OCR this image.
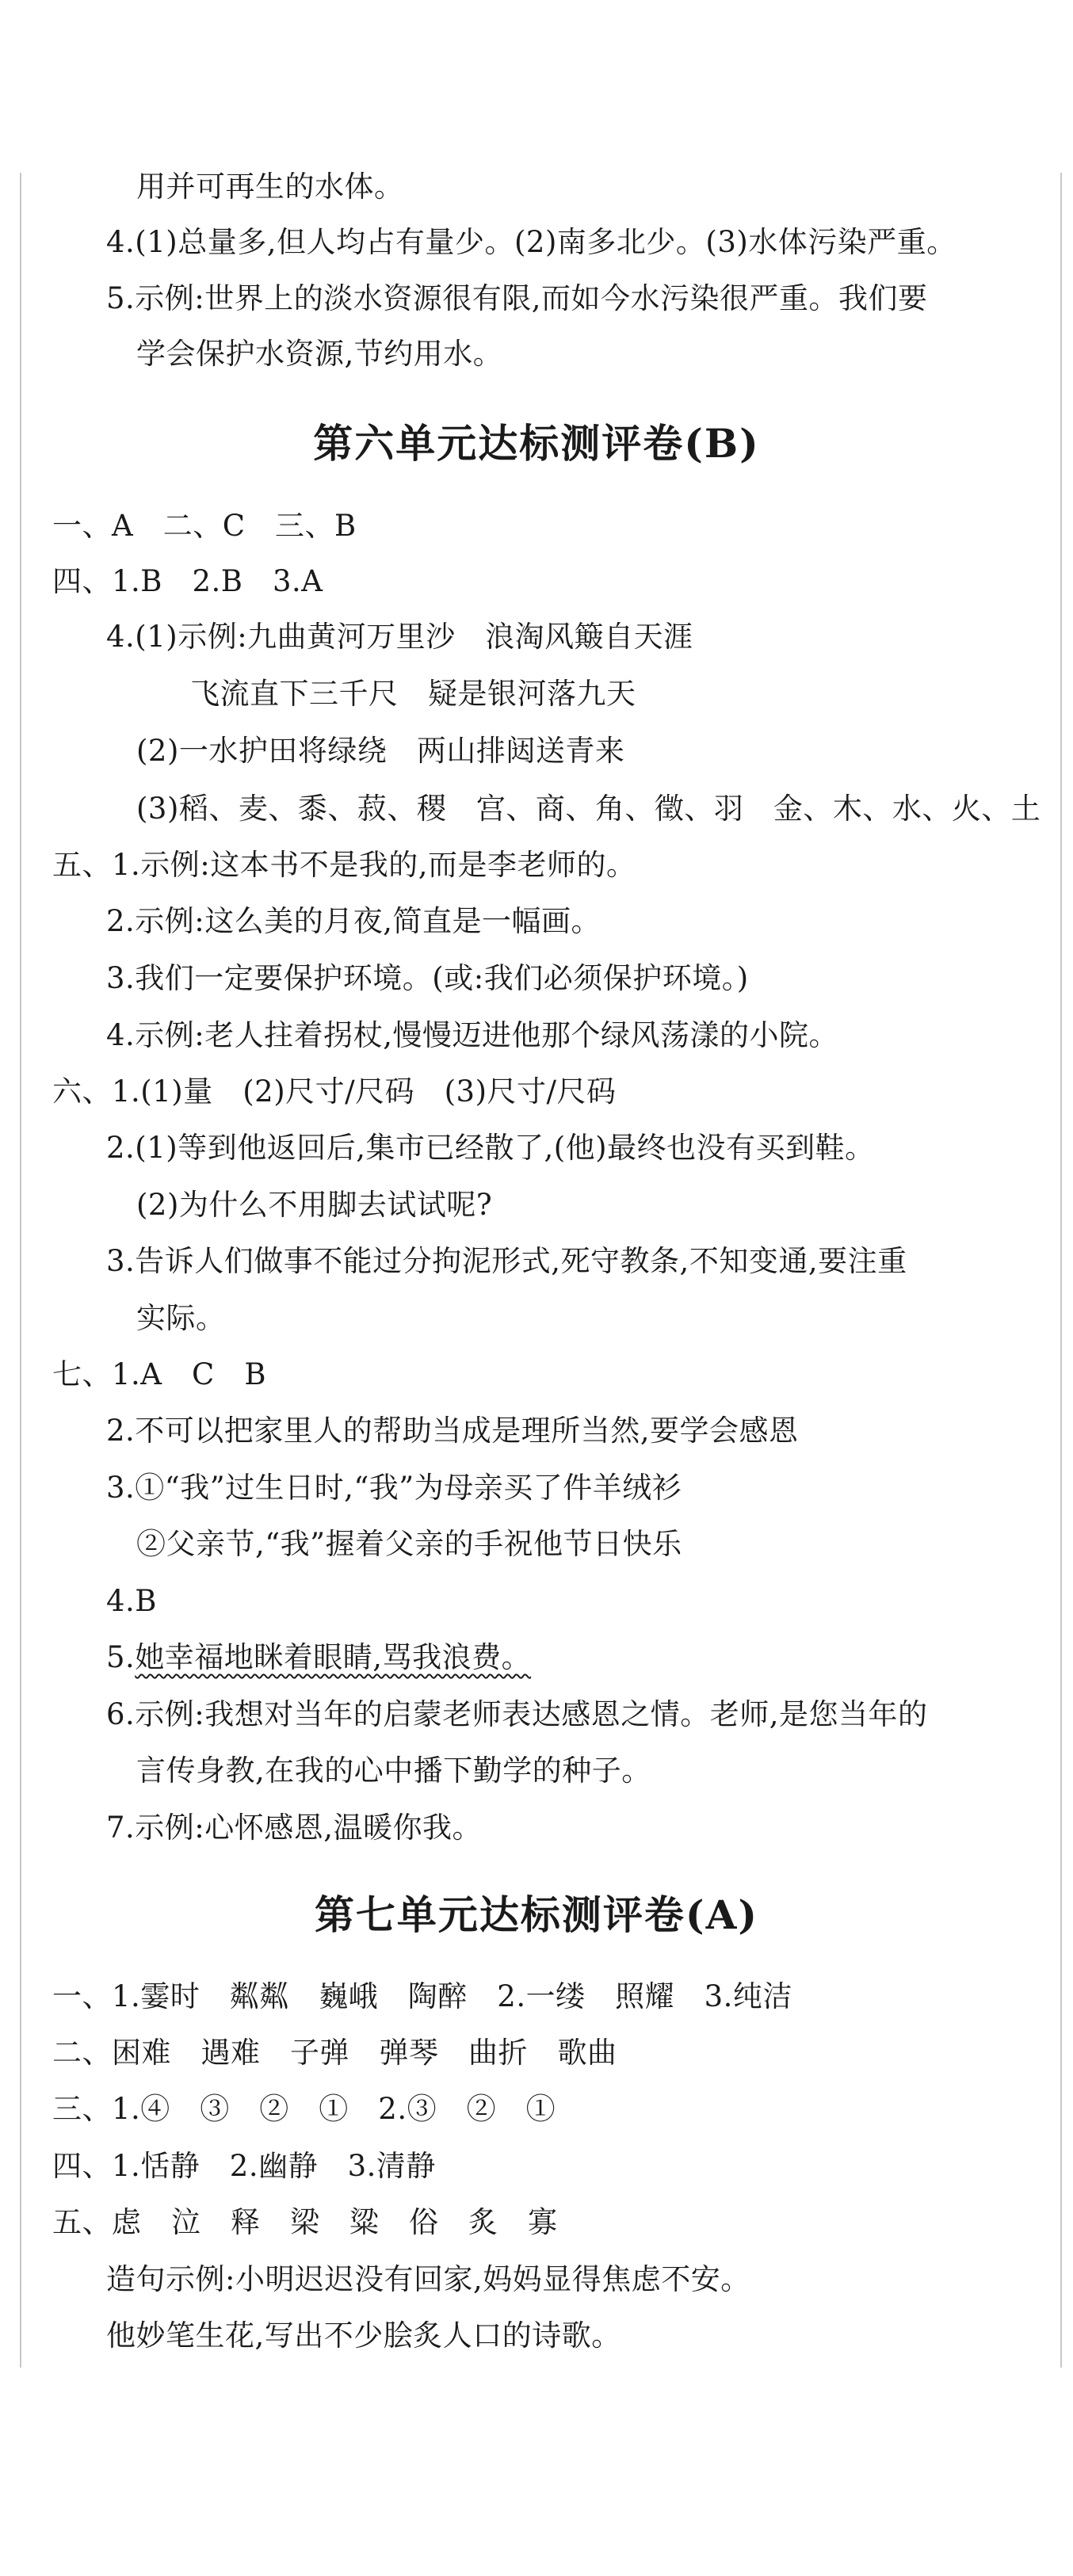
用并可再生的水体。
4.(1)总量多,但人均占有量少。(2)南多北少。(3)水体污染严重。
5.示例:世界上的淡水资源很有限,而如今水污染很严重。我们要
学会保护水资源,节约用水。
第六单元达标测评卷(B)
一、A　二、C　三、B
四、1.B　2.B　3.A
4.(1)示例:九曲黄河万里沙　浪淘风簸自天涯
飞流直下三千尺　疑是银河落九天
(2)一水护田将绿绕　两山排闼送青来
(3)稻、麦、黍、菽、稷　宫、商、角、徵、羽　金、木、水、火、土
五、1.示例:这本书不是我的,而是李老师的。
2.示例:这么美的月夜,简直是一幅画。
3.我们一定要保护环境。(或:我们必须保护环境。)
4.示例:老人拄着拐杖,慢慢迈进他那个绿风荡漾的小院。
六、1.(1)量　(2)尺寸/尺码　(3)尺寸/尺码
2.(1)等到他返回后,集市已经散了,(他)最终也没有买到鞋。
(2)为什么不用脚去试试呢?
3.告诉人们做事不能过分拘泥形式,死守教条,不知变通,要注重
实际。
七、1.A　C　B
2.不可以把家里人的帮助当成是理所当然,要学会感恩
3.①“我”过生日时,“我”为母亲买了件羊绒衫
②父亲节,“我”握着父亲的手祝他节日快乐
4.B
5.她幸福地眯着眼睛,骂我浪费。
6.示例:我想对当年的启蒙老师表达感恩之情。老师,是您当年的
言传身教,在我的心中播下勤学的种子。
7.示例:心怀感恩,温暖你我。
第七单元达标测评卷(A)
一、1.霎时　粼粼　巍峨　陶醉　2.一缕　照耀　3.纯洁
二、困难　遇难　子弹　弹琴　曲折　歌曲
三、1.④　③　②　①　2.③　②　①
四、1.恬静　2.幽静　3.清静
五、虑　泣　释　梁　粱　俗　炙　寡
造句示例:小明迟迟没有回家,妈妈显得焦虑不安。
他妙笔生花,写出不少脍炙人口的诗歌。
